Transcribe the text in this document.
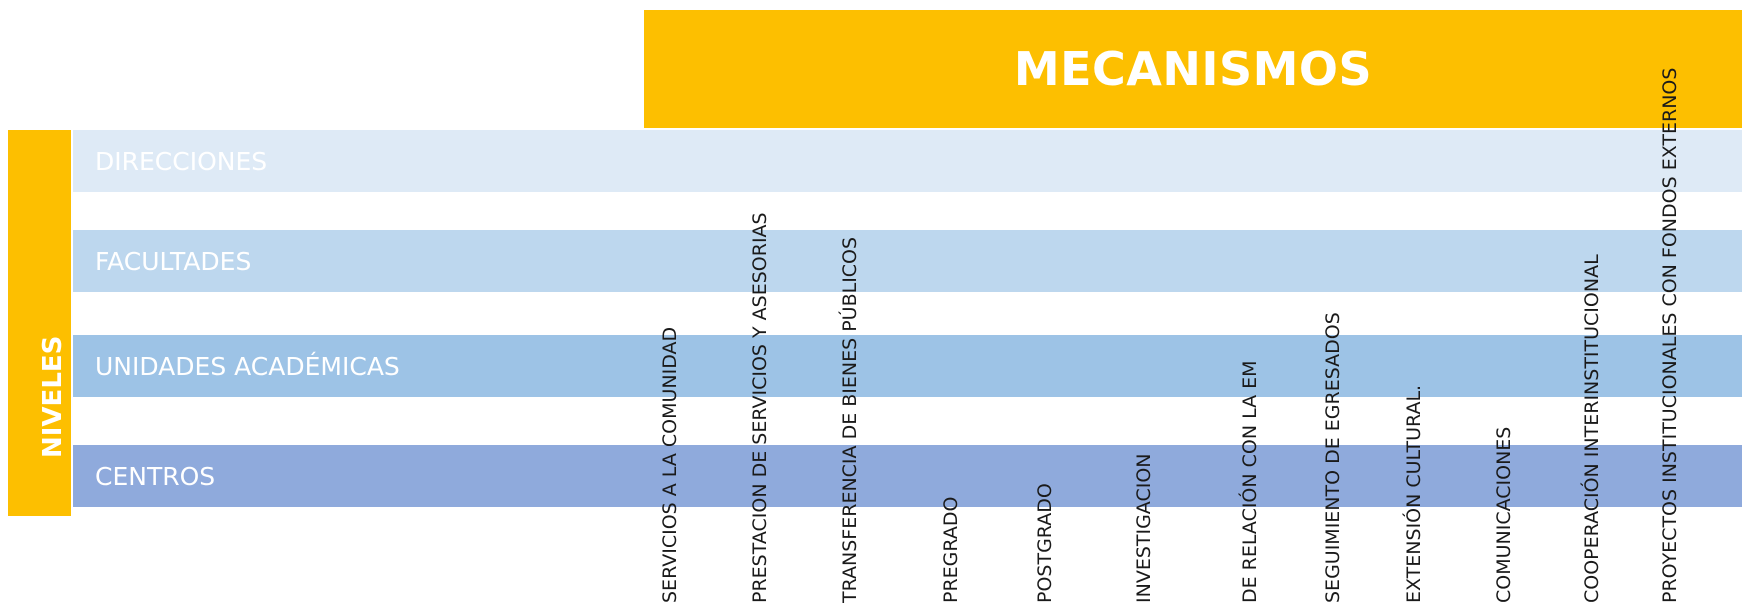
MECANISMOS
NIVELES
DIRECCIONES
FACULTADES
UNIDADES ACADÉMICAS
CENTROS	SERVICIOS A LA COMUNIDAD	PRESTACION DE SERVICIOS Y ASESORIAS	TRANSFERENCIA DE BIENES PÚBLICOS	PREGRADO	POSTGRADO	INVESTIGACION	DE RELACIÓN CON LA EM	SEGUIMIENTO DE EGRESADOS	EXTENSIÓN CULTURAL.	COMUNICACIONES	COOPERACIÓN INTERINSTITUCIONAL	PROYECTOS INSTITUCIONALES CON FONDOS EXTERNOS
